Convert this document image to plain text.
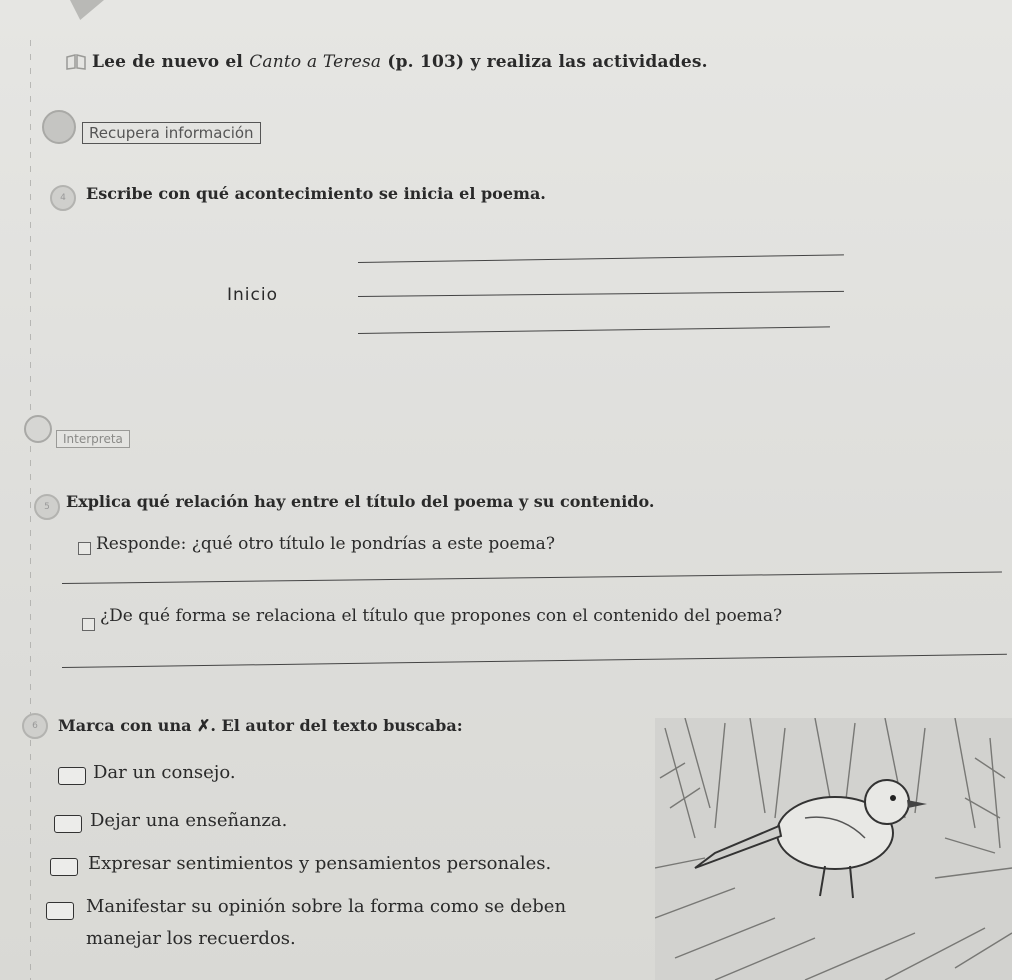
Lee de nuevo el Canto a Teresa (p. 103) y realiza las actividades.
Recupera información
4	Escribe con qué acontecimiento se inicia el poema.
Inicio
Interpreta
5	Explica qué relación hay entre el título del poema y su contenido.
Responde: ¿qué otro título le pondrías a este poema?
¿De qué forma se relaciona el título que propones con el contenido del poema?
6	Marca con una ✗. El autor del texto buscaba:
Dar un consejo.
Dejar una enseñanza.
Expresar sentimientos y pensamientos personales.
Manifestar su opinión sobre la forma como se deben
manejar los recuerdos.
